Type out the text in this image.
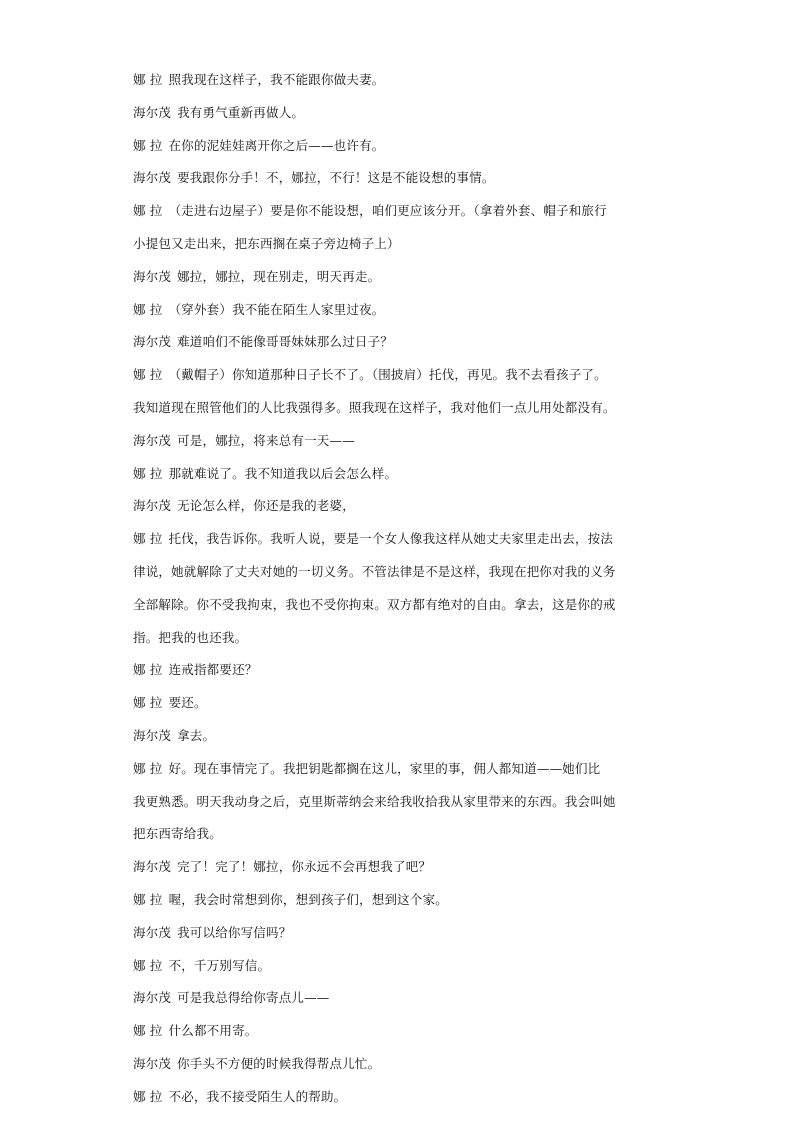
娜 拉 照我现在这样子，我不能跟你做夫妻。
海尔茂 我有勇气重新再做人。
娜 拉 在你的泥娃娃离开你之后——也许有。
海尔茂 要我跟你分手！不，娜拉，不行！这是不能设想的事情。
娜 拉 （走进右边屋子）要是你不能设想，咱们更应该分开。（拿着外套、帽子和旅行
小提包又走出来，把东西搁在桌子旁边椅子上）
海尔茂 娜拉，娜拉，现在别走，明天再走。
娜 拉 （穿外套）我不能在陌生人家里过夜。
海尔茂 难道咱们不能像哥哥妹妹那么过日子？
娜 拉 （戴帽子）你知道那种日子长不了。（围披肩）托伐，再见。我不去看孩子了。
我知道现在照管他们的人比我强得多。照我现在这样子，我对他们一点儿用处都没有。
海尔茂 可是，娜拉，将来总有一天——
娜 拉 那就难说了。我不知道我以后会怎么样。
海尔茂 无论怎么样，你还是我的老婆，
娜 拉 托伐，我告诉你。我听人说，要是一个女人像我这样从她丈夫家里走出去，按法
律说，她就解除了丈夫对她的一切义务。不管法律是不是这样，我现在把你对我的义务
全部解除。你不受我拘束，我也不受你拘束。双方都有绝对的自由。拿去，这是你的戒
指。把我的也还我。
娜 拉 连戒指都要还？
娜 拉 要还。
海尔茂 拿去。
娜 拉 好。现在事情完了。我把钥匙都搁在这儿，家里的事，佣人都知道——她们比
我更熟悉。明天我动身之后，克里斯蒂纳会来给我收拾我从家里带来的东西。我会叫她
把东西寄给我。
海尔茂 完了！完了！娜拉，你永远不会再想我了吧？
娜 拉 喔，我会时常想到你，想到孩子们，想到这个家。
海尔茂 我可以给你写信吗？
娜 拉 不，千万别写信。
海尔茂 可是我总得给你寄点儿——
娜 拉 什么都不用寄。
海尔茂 你手头不方便的时候我得帮点儿忙。
娜 拉 不必，我不接受陌生人的帮助。
